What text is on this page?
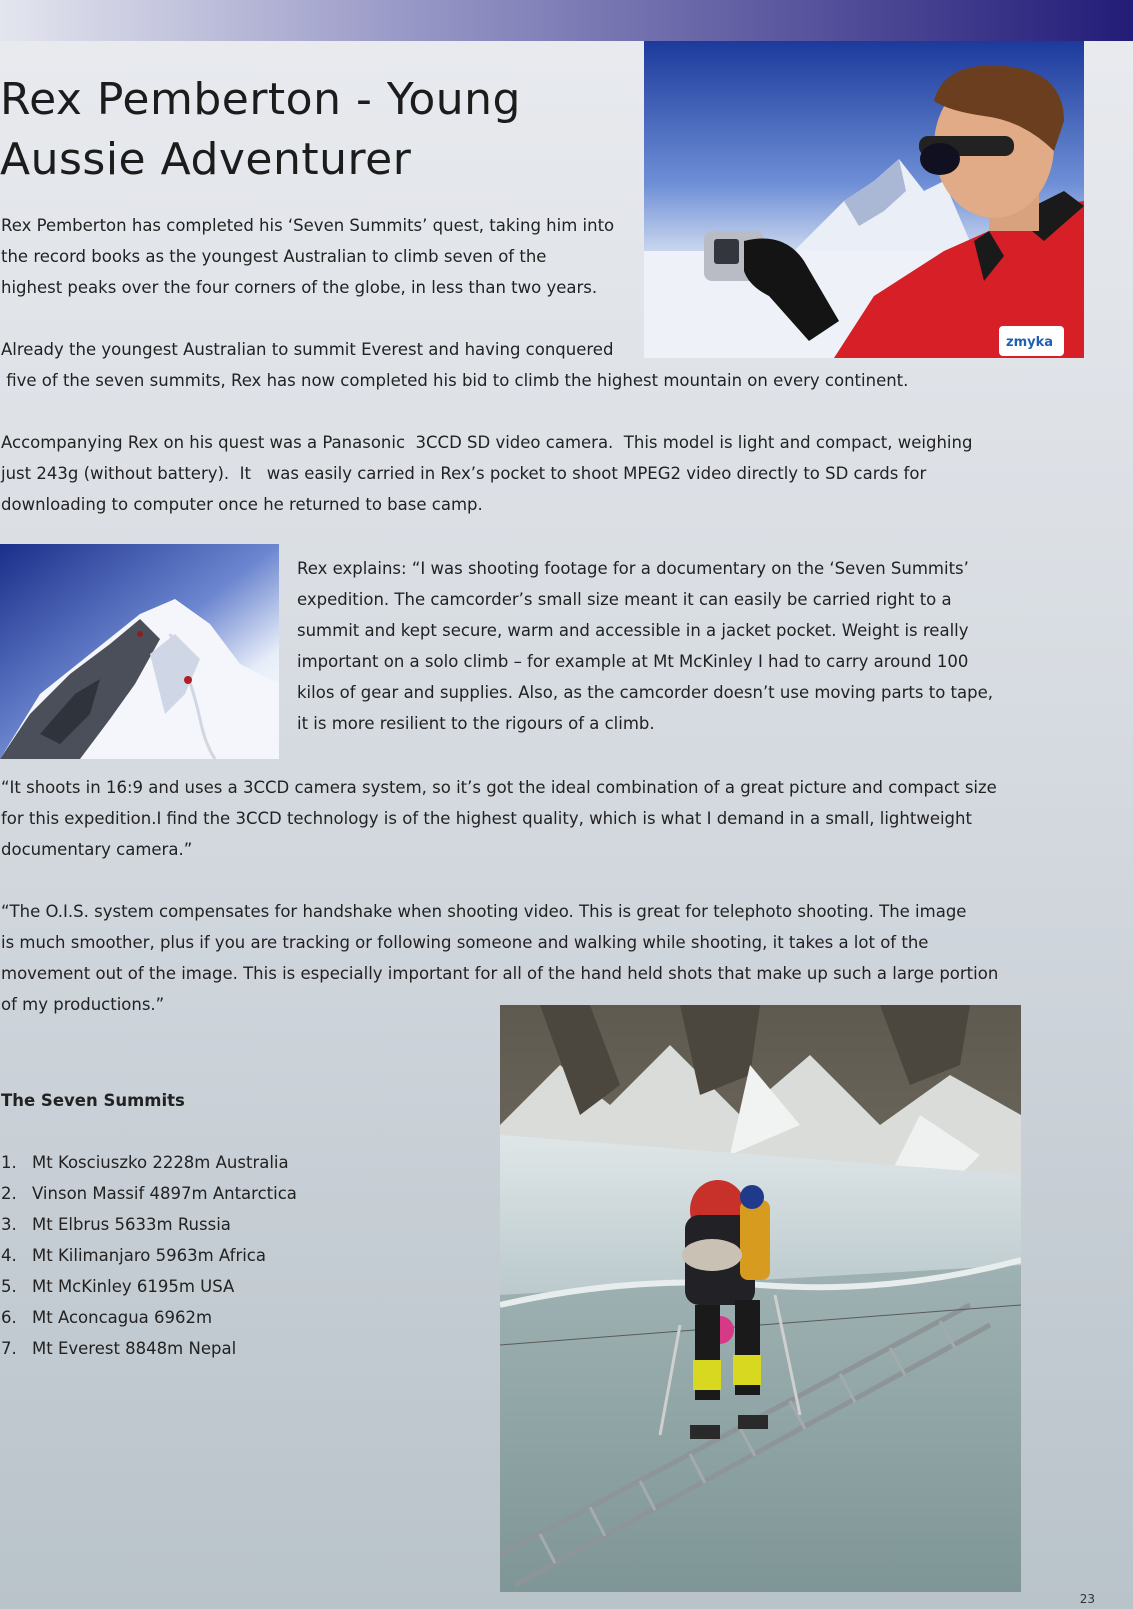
Rex Pemberton - Young
Aussie Adventurer
zmyka

Rex Pemberton has completed his ‘Seven Summits’ quest, taking him into
the record books as the youngest Australian to climb seven of the
highest peaks over the four corners of the globe, in less than two years.

Already the youngest Australian to summit Everest and having conquered
five of the seven summits, Rex has now completed his bid to climb the highest mountain on every continent.

Accompanying Rex on his quest was a Panasonic  3CCD SD video camera.  This model is light and compact, weighing
just 243g (without battery).  It   was easily carried in Rex’s pocket to shoot MPEG2 video directly to SD cards for
downloading to computer once he returned to base camp.

Rex explains: “I was shooting footage for a documentary on the ‘Seven Summits’
expedition. The camcorder’s small size meant it can easily be carried right to a
summit and kept secure, warm and accessible in a jacket pocket. Weight is really
important on a solo climb – for example at Mt McKinley I had to carry around 100
kilos of gear and supplies. Also, as the camcorder doesn’t use moving parts to tape,
it is more resilient to the rigours of a climb.

“It shoots in 16:9 and uses a 3CCD camera system, so it’s got the ideal combination of a great picture and compact size
for this expedition.I find the 3CCD technology is of the highest quality, which is what I demand in a small, lightweight
documentary camera.”

“The O.I.S. system compensates for handshake when shooting video. This is great for telephoto shooting. The image
is much smoother, plus if you are tracking or following someone and walking while shooting, it takes a lot of the
movement out of the image. This is especially important for all of the hand held shots that make up such a large portion
of my productions.”

The Seven Summits
1. Mt Kosciuszko 2228m Australia
2. Vinson Massif 4897m Antarctica
3. Mt Elbrus 5633m Russia
4. Mt Kilimanjaro 5963m Africa
5. Mt McKinley 6195m USA
6. Mt Aconcagua 6962m
7. Mt Everest 8848m Nepal
23
